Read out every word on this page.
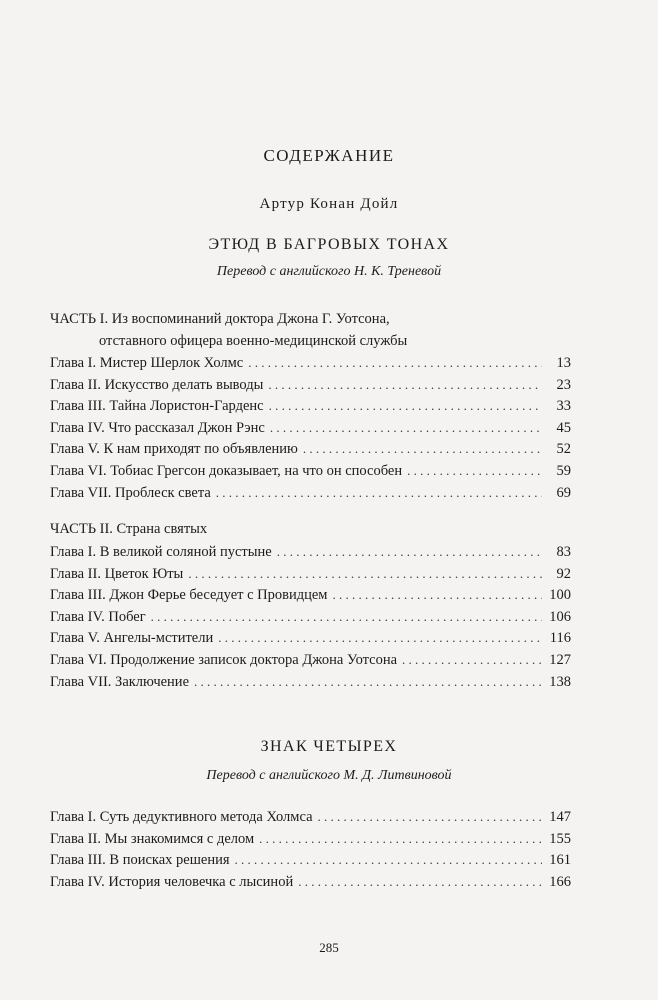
СОДЕРЖАНИЕ
Артур Конан Дойл
ЭТЮД В БАГРОВЫХ ТОНАХ
Перевод с английского Н. К. Треневой
ЧАСТЬ I. Из воспоминаний доктора Джона Г. Уотсона,
отставного офицера военно-медицинской службы
Глава I. Мистер Шерлок Холмс . . .	13
Глава II. Искусство делать выводы . . .	23
Глава III. Тайна Лористон-Гарденс . . .	33
Глава IV. Что рассказал Джон Рэнс . . .	45
Глава V. К нам приходят по объявлению . . .	52
Глава VI. Тобиас Грегсон доказывает, на что он способен . . .	59
Глава VII. Проблеск света . . .	69
ЧАСТЬ II. Страна святых
Глава I. В великой соляной пустыне . . .	83
Глава II. Цветок Юты . . .	92
Глава III. Джон Ферье беседует с Провидцем . . .	100
Глава IV. Побег . . .	106
Глава V. Ангелы-мстители . . .	116
Глава VI. Продолжение записок доктора Джона Уотсона . . .	127
Глава VII. Заключение . . .	138
ЗНАК ЧЕТЫРЕХ
Перевод с английского М. Д. Литвиновой
Глава I. Суть дедуктивного метода Холмса . . .	147
Глава II. Мы знакомимся с делом . . .	155
Глава III. В поисках решения . . .	161
Глава IV. История человечка с лысиной . . .	166
285
